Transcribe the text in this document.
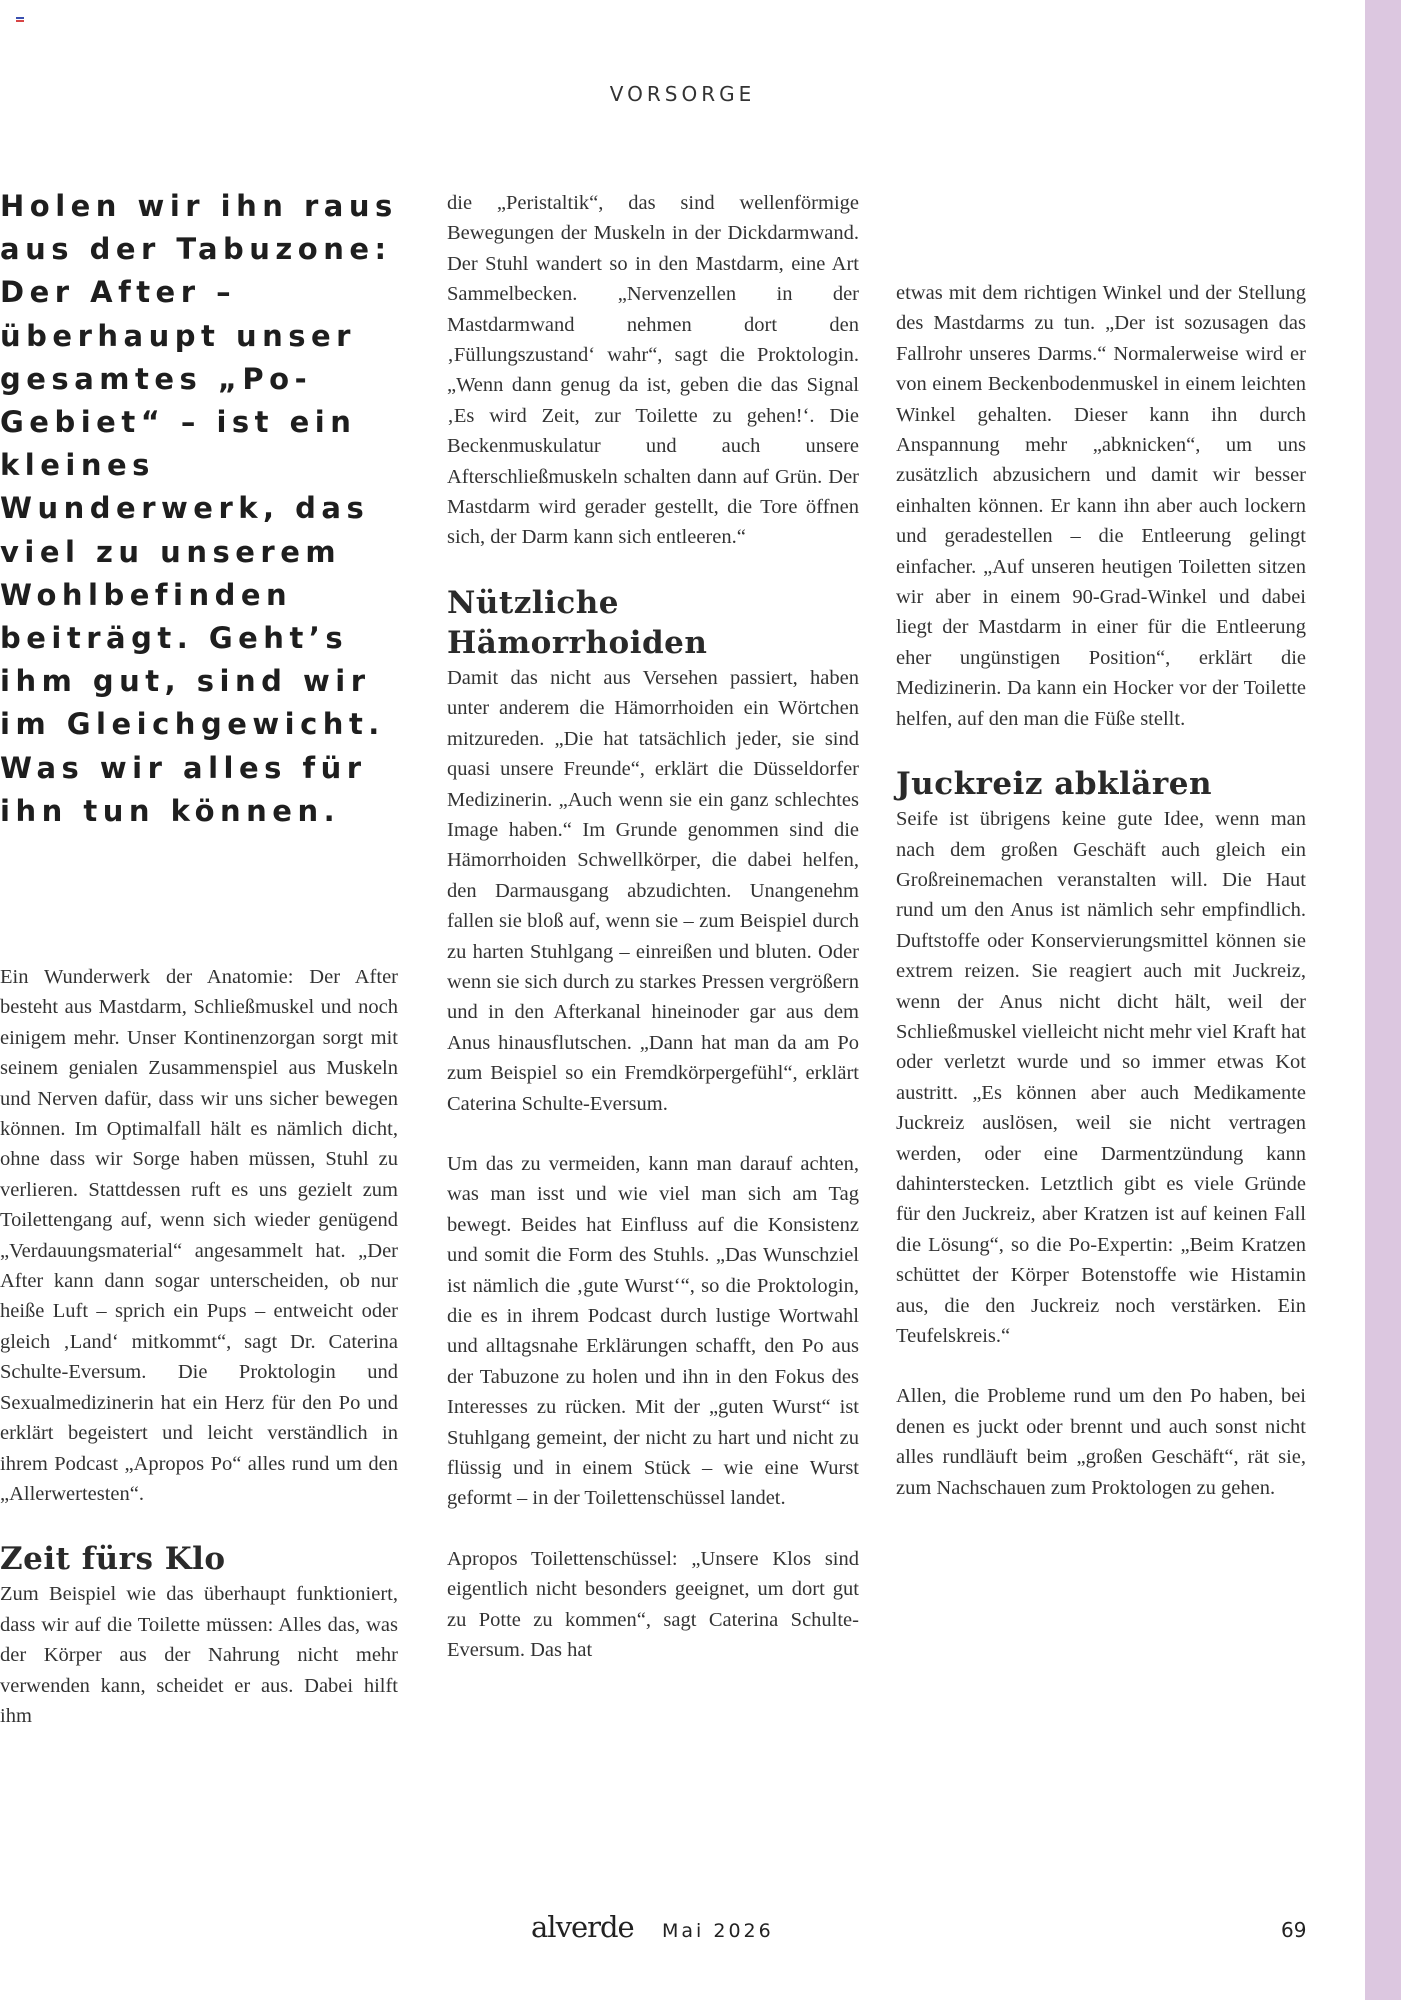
VORSORGE

Holen wir ihn raus aus der Tabuzone: Der After – überhaupt unser gesamtes „Po-Gebiet“ – ist ein kleines Wunderwerk, das viel zu unserem Wohlbefinden beiträgt. Geht’s ihm gut, sind wir im Gleichgewicht. Was wir alles für ihn tun können.

Ein Wunderwerk der Anatomie: Der After besteht aus Mastdarm, Schließmuskel und noch einigem mehr. Unser Kontinenzorgan sorgt mit seinem genialen Zusammenspiel aus Muskeln und Nerven dafür, dass wir uns sicher bewegen können. Im Optimalfall hält es nämlich dicht, ohne dass wir Sorge haben müssen, Stuhl zu verlieren. Stattdessen ruft es uns gezielt zum Toilettengang auf, wenn sich wieder genügend „Verdauungsmaterial“ angesammelt hat. „Der After kann dann sogar unterscheiden, ob nur heiße Luft – sprich ein Pups – entweicht oder gleich ‚Land‘ mitkommt“, sagt Dr. Caterina Schulte-Eversum. Die Proktologin und Sexualmedizinerin hat ein Herz für den Po und erklärt begeistert und leicht verständlich in ihrem Podcast „Apropos Po“ alles rund um den „Allerwertesten“.

Zeit fürs Klo

Zum Beispiel wie das überhaupt funktioniert, dass wir auf die Toilette müssen: Alles das, was der Körper aus der Nahrung nicht mehr verwenden kann, scheidet er aus. Dabei hilft ihm

die „Peristaltik“, das sind wellenförmige Bewegungen der Muskeln in der Dickdarmwand. Der Stuhl wandert so in den Mastdarm, eine Art Sammelbecken. „Nervenzellen in der Mastdarmwand nehmen dort den ‚Füllungszustand‘ wahr“, sagt die Proktologin. „Wenn dann genug da ist, geben die das Signal ‚Es wird Zeit, zur Toilette zu gehen!‘. Die Beckenmuskulatur und auch unsere Afterschließmuskeln schalten dann auf Grün. Der Mastdarm wird gerader gestellt, die Tore öffnen sich, der Darm kann sich entleeren.“

Nützliche Hämorrhoiden

Damit das nicht aus Versehen passiert, haben unter anderem die Hämorrhoiden ein Wörtchen mitzureden. „Die hat tatsächlich jeder, sie sind quasi unsere Freunde“, erklärt die Düsseldorfer Medizinerin. „Auch wenn sie ein ganz schlechtes Image haben.“ Im Grunde genommen sind die Hämorrhoiden Schwellkörper, die dabei helfen, den Darmausgang abzudichten. Unangenehm fallen sie bloß auf, wenn sie – zum Beispiel durch zu harten Stuhlgang – einreißen und bluten. Oder wenn sie sich durch zu starkes Pressen vergrößern und in den Afterkanal hineinoder gar aus dem Anus hinausflutschen. „Dann hat man da am Po zum Beispiel so ein Fremdkörpergefühl“, erklärt Caterina Schulte-Eversum.

Um das zu vermeiden, kann man darauf achten, was man isst und wie viel man sich am Tag bewegt. Beides hat Einfluss auf die Konsistenz und somit die Form des Stuhls. „Das Wunschziel ist nämlich die ‚gute Wurst‘“, so die Proktologin, die es in ihrem Podcast durch lustige Wortwahl und alltagsnahe Erklärungen schafft, den Po aus der Tabuzone zu holen und ihn in den Fokus des Interesses zu rücken. Mit der „guten Wurst“ ist Stuhlgang gemeint, der nicht zu hart und nicht zu flüssig und in einem Stück – wie eine Wurst geformt – in der Toilettenschüssel landet.

Apropos Toilettenschüssel: „Unsere Klos sind eigentlich nicht besonders geeignet, um dort gut zu Potte zu kommen“, sagt Caterina Schulte-Eversum. Das hat

etwas mit dem richtigen Winkel und der Stellung des Mastdarms zu tun. „Der ist sozusagen das Fallrohr unseres Darms.“ Normalerweise wird er von einem Beckenbodenmuskel in einem leichten Winkel gehalten. Dieser kann ihn durch Anspannung mehr „abknicken“, um uns zusätzlich abzusichern und damit wir besser einhalten können. Er kann ihn aber auch lockern und geradestellen – die Entleerung gelingt einfacher. „Auf unseren heutigen Toiletten sitzen wir aber in einem 90-Grad-Winkel und dabei liegt der Mastdarm in einer für die Entleerung eher ungünstigen Position“, erklärt die Medizinerin. Da kann ein Hocker vor der Toilette helfen, auf den man die Füße stellt.

Juckreiz abklären

Seife ist übrigens keine gute Idee, wenn man nach dem großen Geschäft auch gleich ein Großreinemachen veranstalten will. Die Haut rund um den Anus ist nämlich sehr empfindlich. Duftstoffe oder Konservierungsmittel können sie extrem reizen. Sie reagiert auch mit Juckreiz, wenn der Anus nicht dicht hält, weil der Schließmuskel vielleicht nicht mehr viel Kraft hat oder verletzt wurde und so immer etwas Kot austritt. „Es können aber auch Medikamente Juckreiz auslösen, weil sie nicht vertragen werden, oder eine Darmentzündung kann dahinterstecken. Letztlich gibt es viele Gründe für den Juckreiz, aber Kratzen ist auf keinen Fall die Lösung“, so die Po-Expertin: „Beim Kratzen schüttet der Körper Botenstoffe wie Histamin aus, die den Juckreiz noch verstärken. Ein Teufelskreis.“

Allen, die Probleme rund um den Po haben, bei denen es juckt oder brennt und auch sonst nicht alles rundläuft beim „großen Geschäft“, rät sie, zum Nachschauen zum Proktologen zu gehen.

alverde Mai 2026	69
